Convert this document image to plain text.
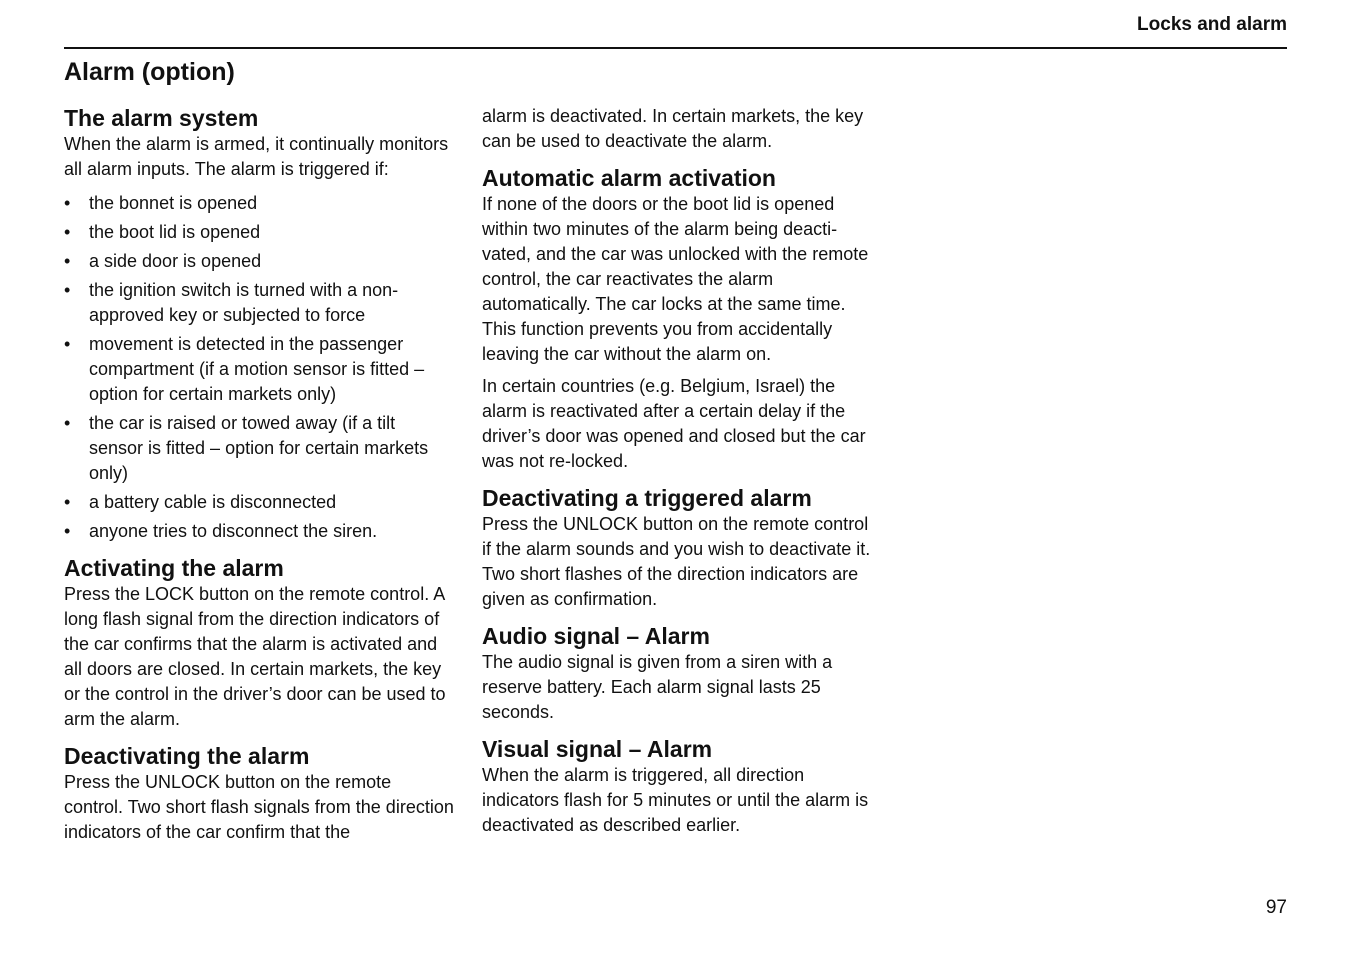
Locks and alarm
Alarm (option)
The alarm system

When the alarm is armed, it continually monitors all alarm inputs. The alarm is triggered if:

• the bonnet is opened
• the boot lid is opened
• a side door is opened
• the ignition switch is turned with a non-approved key or subjected to force
• movement is detected in the passenger compartment (if a motion sensor is fitted – option for certain markets only)
• the car is raised or towed away (if a tilt sensor is fitted – option for certain markets only)
• a battery cable is disconnected
• anyone tries to disconnect the siren.
Activating the alarm

Press the LOCK button on the remote control. A long flash signal from the direction indicators of the car confirms that the alarm is activated and all doors are closed. In certain markets, the key or the control in the driver’s door can be used to arm the alarm.

Deactivating the alarm

Press the UNLOCK button on the remote control. Two short flash signals from the direction indicators of the car confirm that the

alarm is deactivated. In certain markets, the key can be used to deactivate the alarm.

Automatic alarm activation

If none of the doors or the boot lid is opened within two minutes of the alarm being deacti-vated, and the car was unlocked with the remote control, the car reactivates the alarm automatically. The car locks at the same time. This function prevents you from accidentally leaving the car without the alarm on.

In certain countries (e.g. Belgium, Israel) the alarm is reactivated after a certain delay if the driver’s door was opened and closed but the car was not re-locked.

Deactivating a triggered alarm

Press the UNLOCK button on the remote control if the alarm sounds and you wish to deactivate it. Two short flashes of the direction indicators are given as confirmation.

Audio signal – Alarm

The audio signal is given from a siren with a reserve battery. Each alarm signal lasts 25 seconds.

Visual signal – Alarm

When the alarm is triggered, all direction indicators flash for 5 minutes or until the alarm is deactivated as described earlier.

97
